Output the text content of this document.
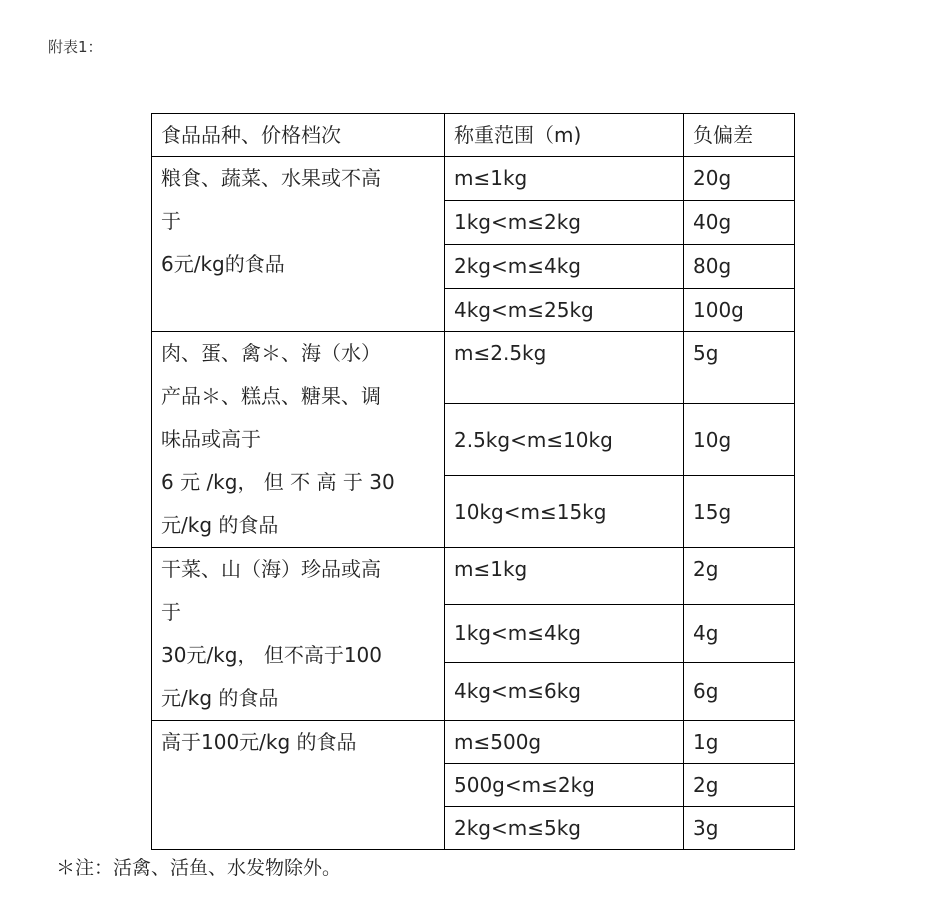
附表1：
食品品种、价格档次	称重范围（m)	负偏差

粮食、蔬菜、水果或不高
于
6元/kg的食品	m≤1kg	20g
	1kg<m≤2kg	40g
	2kg<m≤4kg	80g
	4kg<m≤25kg	100g

肉、蛋、禽＊、海（水）
产品＊、糕点、糖果、调
味品或高于
6 元 /kg， 但 不 高 于 30
元/kg 的食品	m≤2.5kg	5g
	2.5kg<m≤10kg	10g
	10kg<m≤15kg	15g

干菜、山（海）珍品或高
于
30元/kg， 但不高于100
元/kg 的食品	m≤1kg	2g
	1kg<m≤4kg	4g
	4kg<m≤6kg	6g

高于100元/kg 的食品	m≤500g	1g
	500g<m≤2kg	2g
	2kg<m≤5kg	3g
＊注：活禽、活鱼、水发物除外。
